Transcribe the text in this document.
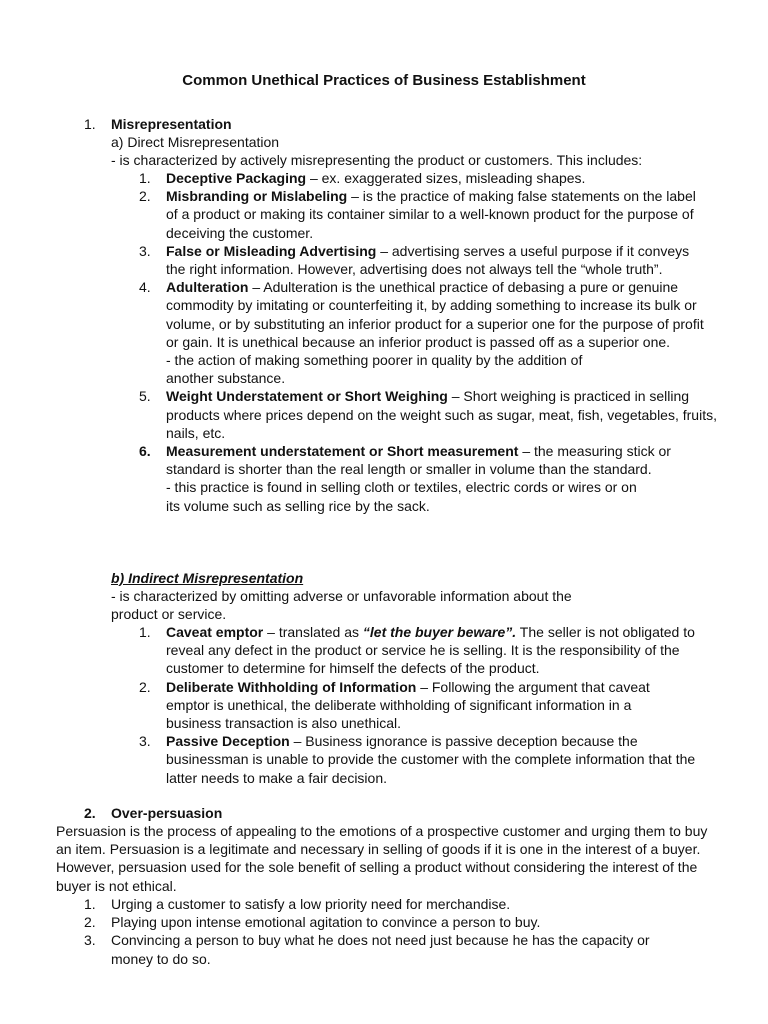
Common Unethical Practices of Business Establishment
1. Misrepresentation
a) Direct Misrepresentation
- is characterized by actively misrepresenting the product or customers. This includes:
1. Deceptive Packaging – ex. exaggerated sizes, misleading shapes.

2. Misbranding or Mislabeling – is the practice of making false statements on the label of a product or making its container similar to a well-known product for the purpose of deceiving the customer.

3. False or Misleading Advertising – advertising serves a useful purpose if it conveys the right information. However, advertising does not always tell the “whole truth”.

4. Adulteration – Adulteration is the unethical practice of debasing a pure or genuine commodity by imitating or counterfeiting it, by adding something to increase its bulk or volume, or by substituting an inferior product for a superior one for the purpose of profit or gain. It is unethical because an inferior product is passed off as a superior one.

- the action of making something poorer in quality by the addition of another substance.

5. Weight Understatement or Short Weighing – Short weighing is practiced in selling products where prices depend on the weight such as sugar, meat, fish, vegetables, fruits, nails, etc.

6. Measurement understatement or Short measurement – the measuring stick or standard is shorter than the real length or smaller in volume than the standard.

- this practice is found in selling cloth or textiles, electric cords or wires or on its volume such as selling rice by the sack.

b) Indirect Misrepresentation
- is characterized by omitting adverse or unfavorable information about the product or service.
1. Caveat emptor – translated as “let the buyer beware”. The seller is not obligated to reveal any defect in the product or service he is selling. It is the responsibility of the customer to determine for himself the defects of the product.

2. Deliberate Withholding of Information – Following the argument that caveat emptor is unethical, the deliberate withholding of significant information in a business transaction is also unethical.

3. Passive Deception – Business ignorance is passive deception because the businessman is unable to provide the customer with the complete information that the latter needs to make a fair decision.

2. Over-persuasion
Persuasion is the process of appealing to the emotions of a prospective customer and urging them to buy an item. Persuasion is a legitimate and necessary in selling of goods if it is one in the interest of a buyer. However, persuasion used for the sole benefit of selling a product without considering the interest of the buyer is not ethical.
1. Urging a customer to satisfy a low priority need for merchandise.

2. Playing upon intense emotional agitation to convince a person to buy.

3. Convincing a person to buy what he does not need just because he has the capacity or money to do so.
